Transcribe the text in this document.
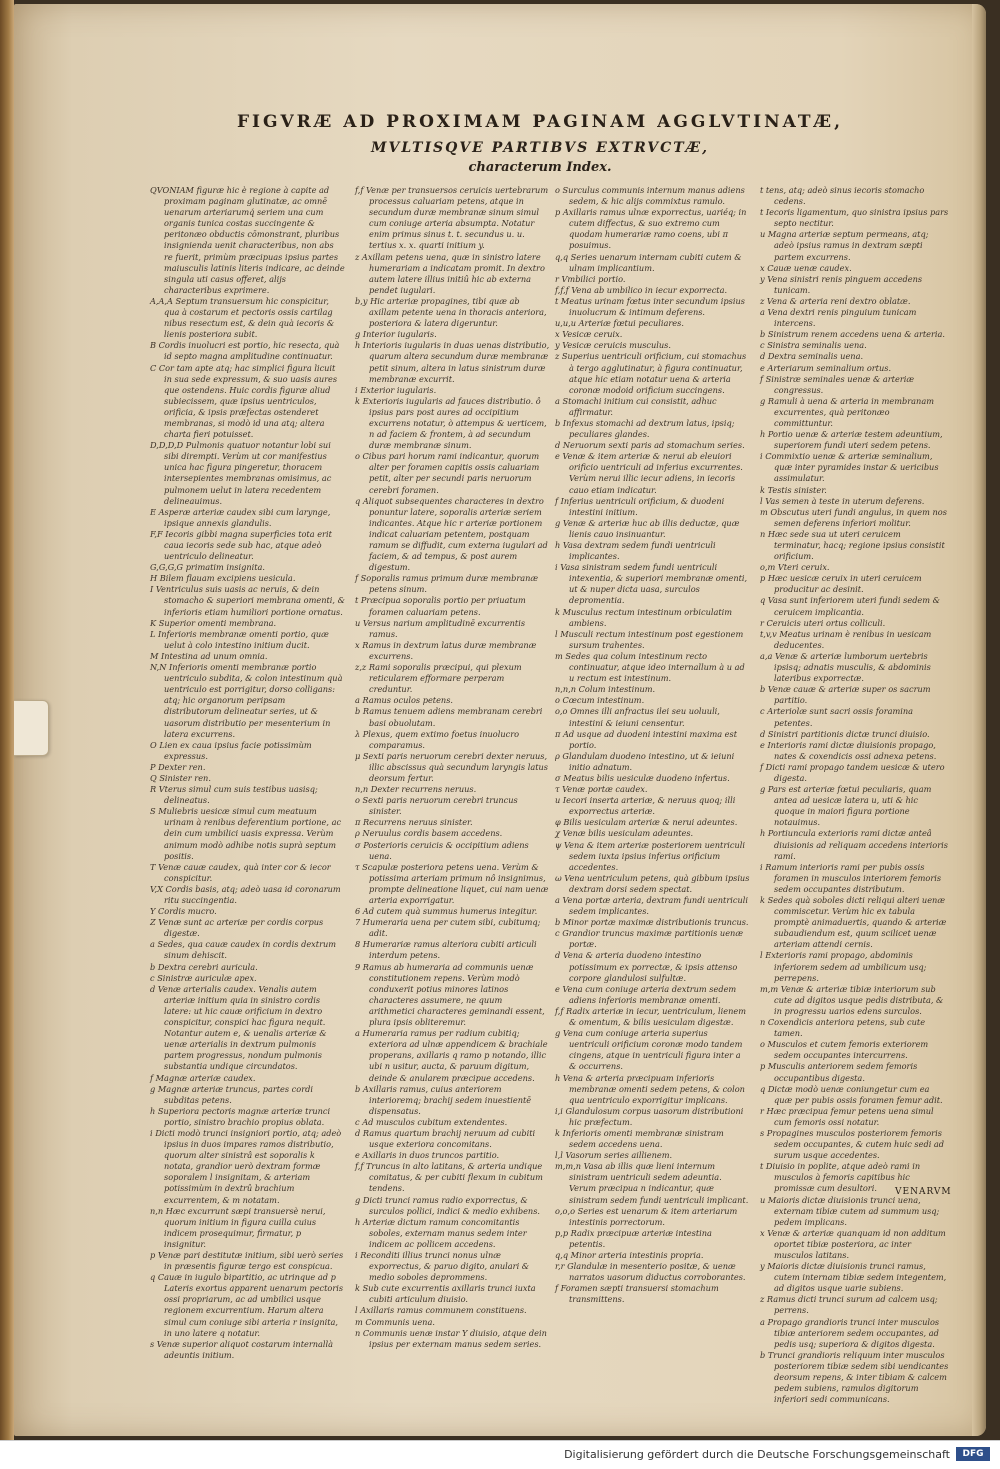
FIGVRÆ AD PROXIMAM PAGINAM AGGLVTINATÆ,
MVLTISQVE PARTIBVS EXTRVCTÆ,
characterum Index.

QVONIAM figuræ hic è regione à capite ad proximam paginam glutinatæ, ac omnē uenarum arteriarumq́ seriem una cum organis tunica costas succingente & peritonæo obductis cōmonstrant, pluribus insignienda uenit characteribus, non abs re fuerit, primùm præcipuas ipsius partes maiusculis latinis literis indicare, ac deinde singula uti casus offeret, alijs characteribus exprimere.

A,A,A Septum transuersum hic conspicitur, qua à costarum et pectoris ossis cartilag nibus resectum est, & dein quà iecoris & lienis posteriora subit.

B Cordis inuolucri est portio, hic resecta, quà id septo magna amplitudine continuatur.

C Cor tam apte atq; hac simplici figura licuit in sua sede expressum, & suo uasis aures que ostendens. Huic cordis figuræ aliud subiecissem, quæ ipsius uentriculos, orificia, & ipsis præfectas ostenderet membranas, si modò id una atq; altera charta fieri potuisset.

D,D,D,D Pulmonis quatuor notantur lobi sui sibi dirempti. Verùm ut cor manifestius unica hac figura pingeretur, thoracem intersepientes membranas omisimus, ac pulmonem uelut in latera recedentem delineauimus.

E Asperæ arteriæ caudex sibi cum larynge, ipsique annexis glandulis.

F,F Iecoris gibbi magna superficies tota erit caua iecoris sede sub hac, atque adeò uentriculo delineatur.

G,G,G,G primatim insignita.

H Bilem flauam excipiens uesicula.

I Ventriculus suis uasis ac neruis, & dein stomacho & superiori membrana omenti, & inferioris etiam humiliori portione ornatus.

K Superior omenti membrana.

L Inferioris membranæ omenti portio, quæ uelut à colo intestino initium ducit.

M Intestina ad unum omnia.

N,N Inferioris omenti membranæ portio uentriculo subdita, & colon intestinum quà uentriculo est porrigitur, dorso colligans: atq; hic organorum peripsam distributorum delineatur series, ut & uasorum distributio per mesenterium in latera excurrens.

O Lien ex caua ipsius facie potissimùm expressus.

P Dexter ren.

Q Sinister ren.

R Vterus simul cum suis testibus uasisq; delineatus.

S Muliebris uesicæ simul cum meatuum urinam à renibus deferentium portione, ac dein cum umbilici uasis expressa. Verùm animum modò adhibe notis suprà septum positis.

T Venæ cauæ caudex, quà inter cor & iecor conspicitur.

V,X Cordis basis, atq; adeò uasa id coronarum ritu succingentia.

Y Cordis mucro.

Z Venæ sunt ac arteriæ per cordis corpus digestæ.

a Sedes, qua cauæ caudex in cordis dextrum sinum dehiscit.

b Dextra cerebri auricula.

c Sinistræ auriculæ apex.

d Venæ arterialis caudex. Venalis autem arteriæ initium quia in sinistro cordis latere: ut hic cauæ orificium in dextro conspicitur, conspici hac figura nequit. Notantur autem e, & uenalis arteriæ & uenæ arterialis in dextrum pulmonis partem progressus, nondum pulmonis substantia undique circundatos.

f Magnæ arteriæ caudex.

g Magnæ arteriæ truncus, partes cordi subditas petens.

h Superiora pectoris magnæ arteriæ trunci portio, sinistro brachio propius oblata.

i Dicti modò trunci insigniori portio, atq; adeò ipsius in duos impares ramos distributio, quorum alter sinistrâ est soporalis k notata, grandior uerò dextram formæ soporalem l insignitam, & arteriam potissimùm in dextrû brachium excurrentem, & m notatam.

n,n Hæc excurrunt sæpi transuersè nerui, quorum initium in figura cuilla cuius indicem prosequimur, firmatur, p insignitur.

p Venæ pari destitutæ initium, sibi uerò series in præsentis figuræ tergo est conspicua.

q Cauæ in iugulo bipartitio, ac utrinque ad p Lateris exortus apparent uenarum pectoris ossi propriarum, ac ad umbilici usque regionem excurrentium. Harum altera simul cum coniuge sibi arteria r insignita, in uno latere q notatur.

s Venæ superior aliquot costarum internallà adeuntis initium.

f,f Venæ per transuersos ceruicis uertebrarum processus caluariam petens, atque in secundum duræ membranæ sinum simul cum coniuge arteria absumpta. Notatur enim primus sinus t. t. secundus u. u. tertius x. x. quarti initium y.

z Axillam petens uena, quæ in sinistro latere humerariam a indicatam promit. In dextro autem latere illius initiû hic ab externa pendet iugulari.

b,y Hic arteriæ propagines, tibi quæ ab axillam petente uena in thoracis anteriora, posteriora & latera digeruntur.

g Interior iugularis.

h Interioris iugularis in duas uenas distributio, quarum altera secundum duræ membranæ petit sinum, altera in latus sinistrum duræ membranæ excurrit.

i Exterior iugularis.

k Exterioris iugularis ad fauces distributio. ô ipsius pars post aures ad occipitium excurrens notatur, ò attempus & uerticem, n ad faciem & frontem, à ad secundum duræ membranæ sinum.

o Cibus pari horum rami indicantur, quorum alter per foramen capitis ossis caluariam petit, alter per secundi paris neruorum cerebri foramen.

q Aliquot subsequentes characteres in dextro ponuntur latere, soporalis arteriæ seriem indicantes. Atque hic r arteriæ portionem indicat caluariam petentem, postquam ramum se diffudit, cum externa iugulari ad faciem, & ad tempus, & post aurem digestum.

f Soporalis ramus primum duræ membranæ petens sinum.

t Præcipua soporalis portio per priuatum foramen caluariam petens.

u Versus narium amplitudinē excurrentis ramus.

x Ramus in dextrum latus duræ membranæ excurrens.

z,z Rami soporalis præcipui, qui plexum reticularem efformare perperam creduntur.

a Ramus oculos petens.

b Ramus tenuem adiens membranam cerebri basi obuolutam.

λ Plexus, quem extimo foetus inuolucro comparamus.

μ Sexti paris neruorum cerebri dexter neruus, illic abscissus quà secundum laryngis latus deorsum fertur.

n,n Dexter recurrens neruus.

o Sexti paris neruorum cerebri truncus sinister.

π Recurrens neruus sinister.

ρ Neruulus cordis basem accedens.

σ Posterioris ceruicis & occipitium adiens uena.

τ Scapulæ posteriora petens uena. Verùm & potissima arteriam primum nô insignimus, prompte delineatione liquet, cui nam uenæ arteria exporrigatur.

6 Ad cutem quà summus humerus integitur.

7 Humeraria uena per cutem sibi, cubitumq; adit.

8 Humerariæ ramus alteriora cubiti articuli interdum petens.

9 Ramus ab humeraria ad communis uenæ constitutionem repens. Verùm modò conduxerit potius minores latinos characteres assumere, ne quum arithmetici characteres geminandi essent, plura ipsis obliteremur.

a Humeraria ramus per radium cubitiq; exteriora ad ulnæ appendicem & brachiale properans, axillaris q ramo p notando, illic ubi n usitur, aucta, & paruum digitum, deinde & anularem præcipue accedens.

b Axillaris ramus, cuius anteriorem interioremq; brachij sedem inuestientē dispensatus.

c Ad musculos cubitum extendentes.

d Ramus quartum brachij neruum ad cubiti usque exteriora concomitans.

e Axillaris in duos truncos partitio.

f,f Truncus in alto latitans, & arteria undique comitatus, & per cubiti flexum in cubitum tendens.

g Dicti trunci ramus radio exporrectus, & surculos pollici, indici & medio exhibens.

h Arteriæ dictum ramum concomitantis soboles, externam manus sedem inter indicem ac pollicem accedens.

i Reconditi illius trunci nonus ulnæ exporrectus, & paruo digito, anulari & medio soboles deprommens.

k Sub cute excurrentis axillaris trunci iuxta cubiti articulum diuisio.

l Axillaris ramus communem constituens.

m Communis uena.

n Communis uenæ instar Y diuisio, atque dein ipsius per externam manus sedem series.

o Surculus communis internum manus adiens sedem, & hic alijs commixtus ramulo.

p Axillaris ramus ulnæ exporrectus, uariéq; in cutem diffectus, & suo extremo cum quodam humerariæ ramo coens, ubi π posuimus.

q,q Series uenarum internam cubiti cutem & ulnam implicantium.

r Vmbilici portio.

f,f,f Vena ab umbilico in iecur exporrecta.

t Meatus urinam fœtus inter secundum ipsius inuolucrum & intimum deferens.

u,u,u Arteriæ fœtui peculiares.

x Vesicæ ceruix.

y Vesicæ ceruicis musculus.

z Superius uentriculi orificium, cui stomachus à tergo agglutinatur, à figura continuatur, atque hic etiam notatur uena & arteria coronæ modoid orificium succingens.

a Stomachi initium cui consistit, adhuc affirmatur.

b Infexus stomachi ad dextrum latus, ipsiq; peculiares glandes.

d Neruorum sexti paris ad stomachum series.

e Venæ & item arteriæ & nerui ab eleuiori orificio uentriculi ad inferius excurrentes. Verùm nerui illic iecur adiens, in iecoris cauo etiam indicatur.

f Inferius uentriculi orificium, & duodeni intestini initium.

g Venæ & arteriæ huc ab illis deductæ, quæ lienis cauo insinuantur.

h Vasa dextram sedem fundi uentriculi implicantes.

i Vasa sinistram sedem fundi uentriculi intexentia, & superiori membranæ omenti, ut & nuper dicta uasa, surculos depromentia.

k Musculus rectum intestinum orbiculatim ambiens.

l Musculi rectum intestinum post egestionem sursum trahentes.

m Sedes qua colum intestinum recto continuatur, atque ideo internallum à u ad u rectum est intestinum.

n,n,n Colum intestinum.

o Cœcum intestinum.

o,o Omnes illi anfractus ilei seu uoluuli, intestini & ieiuni censentur.

π Ad usque ad duodeni intestini maxima est portio.

ρ Glandulam duodeno intestino, ut & ieiuni initio adnatum.

σ Meatus bilis uesiculæ duodeno infertus.

τ Venæ portæ caudex.

u Iecori inserta arteriæ, & neruus quoq; illi exporrectus arteriæ.

φ Bilis uesiculam arteriæ & nerui adeuntes.

χ Venæ bilis uesiculam adeuntes.

ψ Vena & item arteriæ posteriorem uentriculi sedem iuxta ipsius inferius orificium accedentes.

ω Vena uentriculum petens, quà gibbum ipsius dextram dorsi sedem spectat.

a Vena portæ arteria, dextram fundi uentriculi sedem implicantes.

b Minor portæ maximæ distributionis truncus.

c Grandior truncus maximæ partitionis uenæ portæ.

d Vena & arteria duodeno intestino potissimum ex porrectæ, & ipsis attenso corpore glandulosi sulfultæ.

e Vena cum coniuge arteria dextrum sedem adiens inferioris membranæ omenti.

f,f Radix arteriæ in iecur, uentriculum, lienem & omentum, & bilis uesiculam digestæ.

g Vena cum coniuge arteria superius uentriculi orificium coronæ modo tandem cingens, atque in uentriculi figura inter a & occurrens.

h Vena & arteria præcipuam inferioris membranæ omenti sedem petens, & colon qua uentriculo exporrigitur implicans.

i,i Glandulosum corpus uasorum distributioni hic præfectum.

k Inferioris omenti membranæ sinistram sedem accedens uena.

l,l Vasorum series aillienem.

m,m,n Vasa ab illis quæ lieni internum sinistram uentriculi sedem adeuntia. Verum præcipua n indicantur, quæ sinistram sedem fundi uentriculi implicant.

o,o,o Series est uenarum & item arteriarum intestinis porrectorum.

p,p Radix præcipuæ arteriæ intestina petentis.

q,q Minor arteria intestinis propria.

r,r Glandulæ in mesenterio positæ, & uenæ narratos uasorum diductus corroborantes.

f Foramen sæpti transuersi stomachum transmittens.

t tens, atq; adeò sinus iecoris stomacho cedens.

t Iecoris ligamentum, quo sinistra ipsius pars septo nectitur.

u Magna arteriæ septum permeans, atq; adeò ipsius ramus in dextram sæpti partem excurrens.

x Cauæ uenæ caudex.

y Vena sinistri renis pinguem accedens tunicam.

z Vena & arteria reni dextro oblatæ.

a Vena dextri renis pinguium tunicam intercens.

b Sinistrum renem accedens uena & arteria.

c Sinistra seminalis uena.

d Dextra seminalis uena.

e Arteriarum seminalium ortus.

f Sinistræ seminales uenæ & arteriæ congressus.

g Ramuli à uena & arteria in membranam excurrentes, quà peritonæo committuntur.

h Portio uenæ & arteriæ testem adeuntium, superiorem fundi uteri sedem petens.

i Commixtio uenæ & arteriæ seminalium, quæ inter pyramides instar & uericibus assimulatur.

k Testis sinister.

l Vas semen à teste in uterum deferens.

m Obscutus uteri fundi angulus, in quem nos semen deferens inferiori molitur.

n Hæc sede sua ut uteri ceruicem terminatur, hacq; regione ipsius consistit orificium.

o,m Vteri ceruix.

p Hæc uesicæ ceruix in uteri ceruicem producitur ac desinit.

q Vasa sunt inferiorem uteri fundi sedem & ceruicem implicantia.

r Ceruicis uteri ortus colliculi.

t,v,v Meatus urinam è renibus in uesicam deducentes.

a,a Venæ & arteriæ lumborum uertebris ipsisq; adnatis musculis, & abdominis lateribus exporrectæ.

b Venæ cauæ & arteriæ super os sacrum partitio.

c Arteriolæ sunt sacri ossis foramina petentes.

d Sinistri partitionis dictæ trunci diuisio.

e Interioris rami dictæ diuisionis propago, nates & coxendicis ossi adnexa petens.

f Dicti rami propago tandem uesicæ & utero digesta.

g Pars est arteriæ fœtui peculiaris, quam antea ad uesicæ latera u, uti & hic quoque in maiori figura portione notauimus.

h Portiuncula exterioris rami dictæ anteâ diuisionis ad reliquam accedens interioris rami.

i Ramum interioris rami per pubis ossis foramen in musculos interiorem femoris sedem occupantes distributum.

k Sedes quà soboles dicti reliqui alteri uenæ commiscetur. Verùm hic ex tabula promptè animaduertis, quando & arteriæ subaudiendum est, quum scilicet uenæ arteriam attendi cernis.

l Exterioris rami propago, abdominis inferiorem sedem ad umbilicum usq; perrepens.

m,m Venæ & arteriæ tibiæ interiorum sub cute ad digitos usque pedis distributa, & in progressu uarios edens surculos.

n Coxendicis anteriora petens, sub cute tamen.

o Musculos et cutem femoris exteriorem sedem occupantes intercurrens.

p Musculis anteriorem sedem femoris occupantibus digesta.

q Dictæ modò uenæ coniungetur cum ea quæ per pubis ossis foramen femur adit.

r Hæc præcipua femur petens uena simul cum femoris ossi notatur.

s Propagines musculos posteriorem femoris sedem occupantes, & cutem huic sedi ad surum usque accedentes.

t Diuisio in poplite, atque adeò rami in musculos à femoris capitibus hic promissæ cum desultori.

u Maioris dictæ diuisionis trunci uena, externam tibiæ cutem ad summum usq; pedem implicans.

x Venæ & arteriæ quanquam id non additum oportet tibiæ posteriora, ac inter musculos latitans.

y Maioris dictæ diuisionis trunci ramus, cutem internam tibiæ sedem integentem, ad digitos usque uarie subiens.

z Ramus dicti trunci surum ad calcem usq; perrens.

a Propago grandioris trunci inter musculos tibiæ anteriorem sedem occupantes, ad pedis usq; superiora & digitos digesta.

b Trunci grandioris reliquum inter musculos posteriorem tibiæ sedem sibi uendicantes deorsum repens, & inter tibiam & calcem pedem subiens, ramulos digitorum inferiori sedi communicans.

VENARVM
Digitalisierung gefördert durch die Deutsche Forschungsgemeinschaft	DFG
